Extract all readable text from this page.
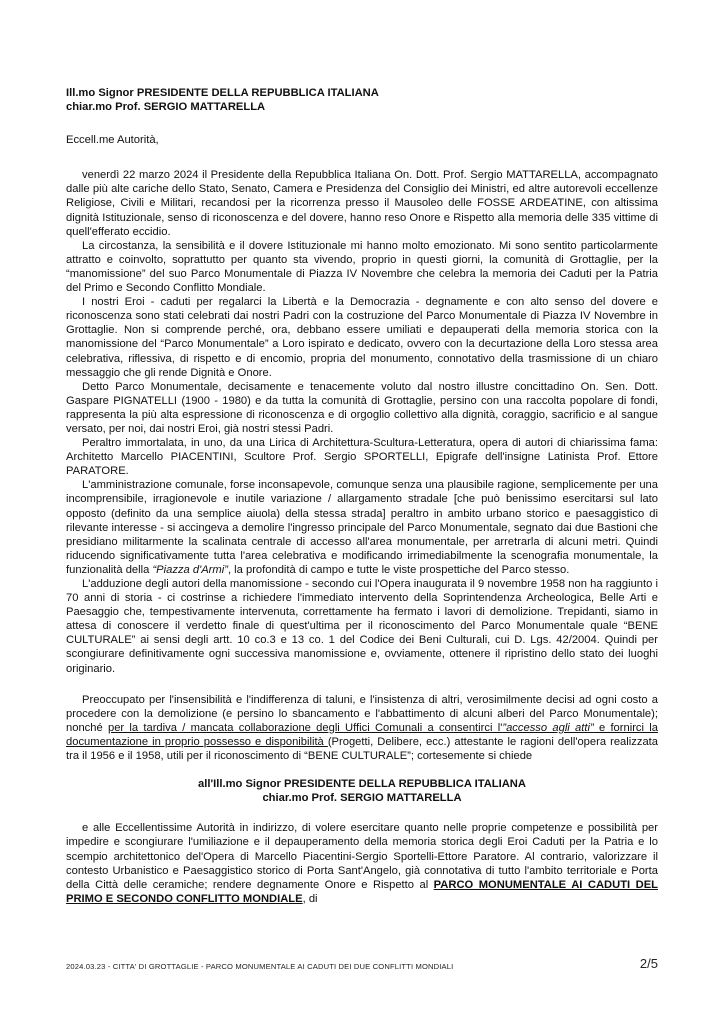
Ill.mo Signor PRESIDENTE DELLA REPUBBLICA ITALIANA
chiar.mo Prof. SERGIO MATTARELLA
Eccell.me Autorità,

venerdì 22 marzo 2024 il Presidente della Repubblica Italiana On. Dott. Prof. Sergio MATTARELLA, accompagnato dalle più alte cariche dello Stato, Senato, Camera e Presidenza del Consiglio dei Ministri, ed altre autorevoli eccellenze Religiose, Civili e Militari, recandosi per la ricorrenza presso il Mausoleo delle FOSSE ARDEATINE, con altissima dignità Istituzionale, senso di riconoscenza e del dovere, hanno reso Onore e Rispetto alla memoria delle 335 vittime di quell'efferato eccidio.

La circostanza, la sensibilità e il dovere Istituzionale mi hanno molto emozionato. Mi sono sentito particolarmente attratto e coinvolto, soprattutto per quanto sta vivendo, proprio in questi giorni, la comunità di Grottaglie, per la “manomissione” del suo Parco Monumentale di Piazza IV Novembre che celebra la memoria dei Caduti per la Patria del Primo e Secondo Conflitto Mondiale.

I nostri Eroi - caduti per regalarci la Libertà e la Democrazia - degnamente e con alto senso del dovere e riconoscenza sono stati celebrati dai nostri Padri con la costruzione del Parco Monumentale di Piazza IV Novembre in Grottaglie. Non si comprende perché, ora, debbano essere umiliati e depauperati della memoria storica con la manomissione del “Parco Monumentale” a Loro ispirato e dedicato, ovvero con la decurtazione della Loro stessa area celebrativa, riflessiva, di rispetto e di encomio, propria del monumento, connotativo della trasmissione di un chiaro messaggio che gli rende Dignità e Onore.

Detto Parco Monumentale, decisamente e tenacemente voluto dal nostro illustre concittadino On. Sen. Dott. Gaspare PIGNATELLI (1900 - 1980) e da tutta la comunità di Grottaglie, persino con una raccolta popolare di fondi, rappresenta la più alta espressione di riconoscenza e di orgoglio collettivo alla dignità, coraggio, sacrificio e al sangue versato, per noi, dai nostri Eroi, già nostri stessi Padri.

Peraltro immortalata, in uno, da una Lirica di Architettura-Scultura-Letteratura, opera di autori di chiarissima fama: Architetto Marcello PIACENTINI, Scultore Prof. Sergio SPORTELLI, Epigrafe dell'insigne Latinista Prof. Ettore PARATORE.

L'amministrazione comunale, forse inconsapevole, comunque senza una plausibile ragione, semplicemente per una incomprensibile, irragionevole e inutile variazione / allargamento stradale [che può benissimo esercitarsi sul lato opposto (definito da una semplice aiuola) della stessa strada] peraltro in ambito urbano storico e paesaggistico di rilevante interesse - si accingeva a demolire l'ingresso principale del Parco Monumentale, segnato dai due Bastioni che presidiano militarmente la scalinata centrale di accesso all'area monumentale, per arretrarla di alcuni metri. Quindi riducendo significativamente tutta l'area celebrativa e modificando irrimediabilmente la scenografia monumentale, la funzionalità della “Piazza d'Armi”, la profondità di campo e tutte le viste prospettiche del Parco stesso.

L'adduzione degli autori della manomissione - secondo cui l'Opera inaugurata il 9 novembre 1958 non ha raggiunto i 70 anni di storia - ci costrinse a richiedere l'immediato intervento della Soprintendenza Archeologica, Belle Arti e Paesaggio che, tempestivamente intervenuta, correttamente ha fermato i lavori di demolizione. Trepidanti, siamo in attesa di conoscere il verdetto finale di quest'ultima per il riconoscimento del Parco Monumentale quale “BENE CULTURALE” ai sensi degli artt. 10 co.3 e 13 co. 1 del Codice dei Beni Culturali, cui D. Lgs. 42/2004. Quindi per scongiurare definitivamente ogni successiva manomissione e, ovviamente, ottenere il ripristino dello stato dei luoghi originario.

Preoccupato per l'insensibilità e l'indifferenza di taluni, e l'insistenza di altri, verosimilmente decisi ad ogni costo a procedere con la demolizione (e persino lo sbancamento e l'abbattimento di alcuni alberi del Parco Monumentale); nonché per la tardiva / mancata collaborazione degli Uffici Comunali a consentirci l'”accesso agli atti” e fornirci la documentazione in proprio possesso e disponibilità (Progetti, Delibere, ecc.) attestante le ragioni dell'opera realizzata tra il 1956 e il 1958, utili per il riconoscimento di “BENE CULTURALE”; cortesemente si chiede

all'Ill.mo Signor PRESIDENTE DELLA REPUBBLICA ITALIANA
chiar.mo Prof. SERGIO MATTARELLA

e alle Eccellentissime Autorità in indirizzo, di volere esercitare quanto nelle proprie competenze e possibilità per impedire e scongiurare l'umiliazione e il depauperamento della memoria storica degli Eroi Caduti per la Patria e lo scempio architettonico del'Opera di Marcello Piacentini-Sergio Sportelli-Ettore Paratore. Al contrario, valorizzare il contesto Urbanistico e Paesaggistico storico di Porta Sant'Angelo, già connotativa di tutto l'ambito territoriale e Porta della Città delle ceramiche; rendere degnamente Onore e Rispetto al PARCO MONUMENTALE AI CADUTI DEL PRIMO E SECONDO CONFLITTO MONDIALE, di

2024.03.23 - CITTA' DI GROTTAGLIE - PARCO MONUMENTALE AI CADUTI DEI DUE CONFLITTI MONDIALI	2/5
